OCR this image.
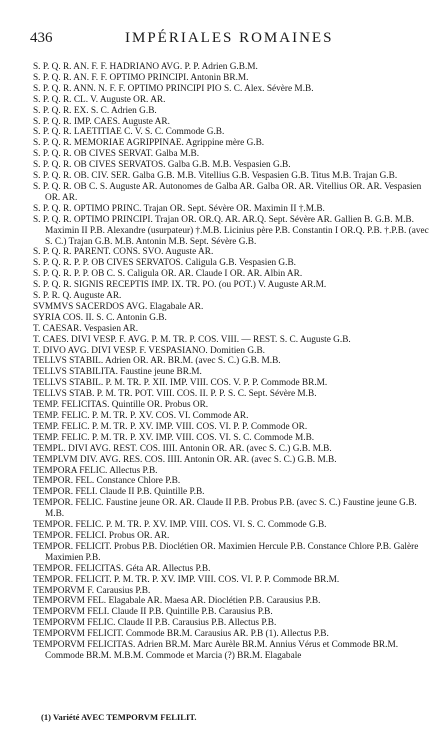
436	IMPÉRIALES ROMAINES
S. P. Q. R. AN. F. F. HADRIANO AVG. P. P. Adrien G.B.M.
S. P. Q. R. AN. F. F. OPTIMO PRINCIPI. Antonin BR.M.
S. P. Q. R. ANN. N. F. F. OPTIMO PRINCIPI PIO S. C. Alex. Sévère M.B.
S. P. Q. R. CL. V. Auguste OR. AR.
S. P. Q. R. EX. S. C. Adrien G.B.
S. P. Q. R. IMP. CAES. Auguste AR.
S. P. Q. R. LAETITIAE C. V. S. C. Commode G.B.
S. P. Q. R. MEMORIAE AGRIPPINAE. Agrippine mère G.B.
S. P. Q. R. OB CIVES SERVAT. Galba M.B.
S. P. Q. R. OB CIVES SERVATOS. Galba G.B. M.B. Vespasien G.B.
S. P. Q. R. OB. CIV. SER. Galba G.B. M.B. Vitellius G.B. Vespasien G.B. Titus M.B. Trajan G.B.
S. P. Q. R. OB C. S. Auguste AR. Autonomes de Galba AR. Galba OR. AR. Vitellius OR. AR. Vespasien OR. AR.
S. P. Q. R. OPTIMO PRINC. Trajan OR. Sept. Sévère OR. Maximin II †.M.B.
S. P. Q. R. OPTIMO PRINCIPI. Trajan OR. OR.Q. AR. AR.Q. Sept. Sévère AR. Gallien B. G.B. M.B. Maximin II P.B. Alexandre (usurpateur) †.M.B. Licinius père P.B. Constantin I OR.Q. P.B. †.P.B. (avec S. C.) Trajan G.B. M.B. Antonin M.B. Sept. Sévère G.B.
S. P. Q. R. PARENT. CONS. SVO. Auguste AR.
S. P. Q. R. P. P. OB CIVES SERVATOS. Caligula G.B. Vespasien G.B.
S. P. Q. R. P. P. OB C. S. Caligula OR. AR. Claude I OR. AR. Albin AR.
S. P. Q. R. SIGNIS RECEPTIS IMP. IX. TR. PO. (ou POT.) V. Auguste AR.M.
S. P. R. Q. Auguste AR.
SVMMVS SACERDOS AVG. Elagabale AR.
SYRIA COS. II. S. C. Antonin G.B.
T. CAESAR. Vespasien AR.
T. CAES. DIVI VESP. F. AVG. P. M. TR. P. COS. VIII. — REST. S. C. Auguste G.B.
T. DIVO AVG. DIVI VESP. F. VESPASIANO. Domitien G.B.
TELLVS STABIL. Adrien OR. AR. BR.M. (avec S. C.) G.B. M.B.
TELLVS STABILITA. Faustine jeune BR.M.
TELLVS STABIL. P. M. TR. P. XII. IMP. VIII. COS. V. P. P. Commode BR.M.
TELLVS STAB. P. M. TR. POT. VIII. COS. II. P. P. S. C. Sept. Sévère M.B.
TEMP. FELICITAS. Quintille OR. Probus OR.
TEMP. FELIC. P. M. TR. P. XV. COS. VI. Commode AR.
TEMP. FELIC. P. M. TR. P. XV. IMP. VIII. COS. VI. P. P. Commode OR.
TEMP. FELIC. P. M. TR. P. XV. IMP. VIII. COS. VI. S. C. Commode M.B.
TEMPL. DIVI AVG. REST. COS. IIII. Antonin OR. AR. (avec S. C.) G.B. M.B.
TEMPLVM DIV. AVG. RES. COS. IIII. Antonin OR. AR. (avec S. C.) G.B. M.B.
TEMPORA FELIC. Allectus P.B.
TEMPOR. FEL. Constance Chlore P.B.
TEMPOR. FELI. Claude II P.B. Quintille P.B.
TEMPOR. FELIC. Faustine jeune OR. AR. Claude II P.B. Probus P.B. (avec S. C.) Faustine jeune G.B. M.B.
TEMPOR. FELIC. P. M. TR. P. XV. IMP. VIII. COS. VI. S. C. Commode G.B.
TEMPOR. FELICI. Probus OR. AR.
TEMPOR. FELICIT. Probus P.B. Dioclétien OR. Maximien Hercule P.B. Constance Chlore P.B. Galère Maximien P.B.
TEMPOR. FELICITAS. Géta AR. Allectus P.B.
TEMPOR. FELICIT. P. M. TR. P. XV. IMP. VIII. COS. VI. P. P. Commode BR.M.
TEMPORVM F. Carausius P.B.
TEMPORVM FEL. Elagabale AR. Maesa AR. Dioclétien P.B. Carausius P.B.
TEMPORVM FELI. Claude II P.B. Quintille P.B. Carausius P.B.
TEMPORVM FELIC. Claude II P.B. Carausius P.B. Allectus P.B.
TEMPORVM FELICIT. Commode BR.M. Carausius AR. P.B (1). Allectus P.B.
TEMPORVM FELICITAS. Adrien BR.M. Marc Aurèle BR.M. Annius Vérus et Commode BR.M. Commode BR.M. M.B.M. Commode et Marcia (?) BR.M. Elagabale
(1) Variété AVEC TEMPORVM FELILIT.
